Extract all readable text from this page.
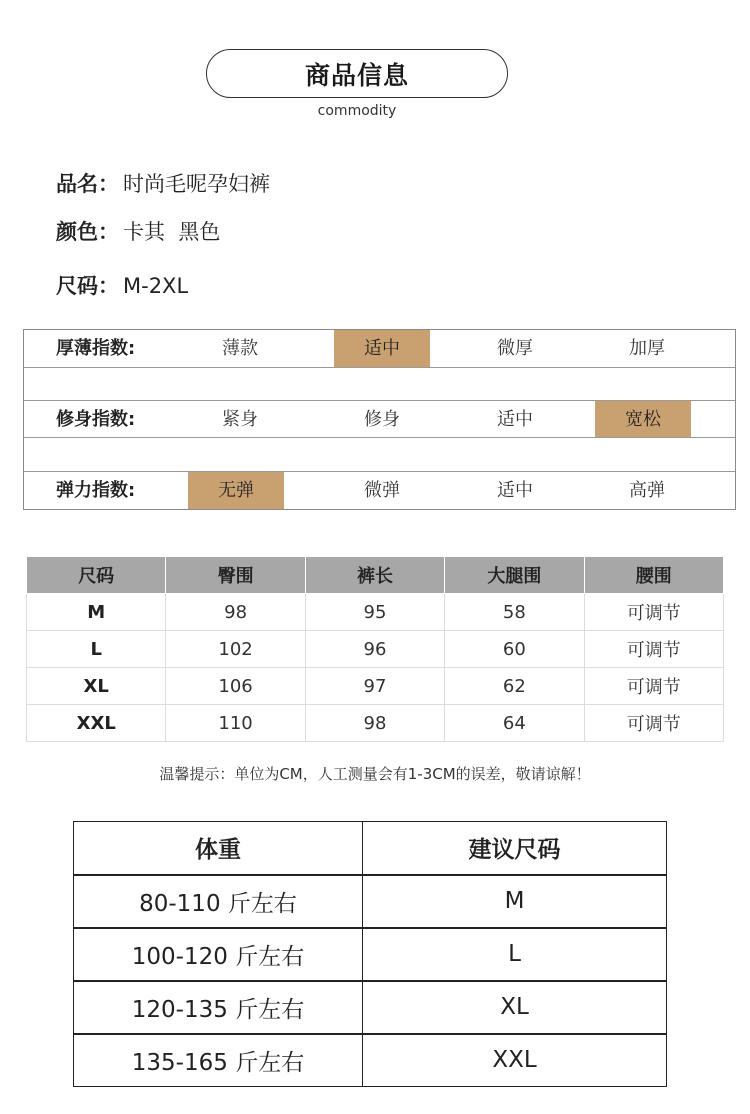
商品信息
commodity
品名： 时尚毛呢孕妇裤
颜色： 卡其  黑色
尺码： M-2XL
厚薄指数:	薄款	适中	微厚	加厚
修身指数:	紧身	修身	适中	宽松
弹力指数:	无弹	微弹	适中	高弹
尺码	臀围	裤长	大腿围	腰围
M	98	95	58	可调节
L	102	96	60	可调节
XL	106	97	62	可调节
XXL	110	98	64	可调节
温馨提示：单位为CM，人工测量会有1-3CM的误差，敬请谅解！
体重	建议尺码
80-110 斤左右	M
100-120 斤左右	L
120-135 斤左右	XL
135-165 斤左右	XXL
